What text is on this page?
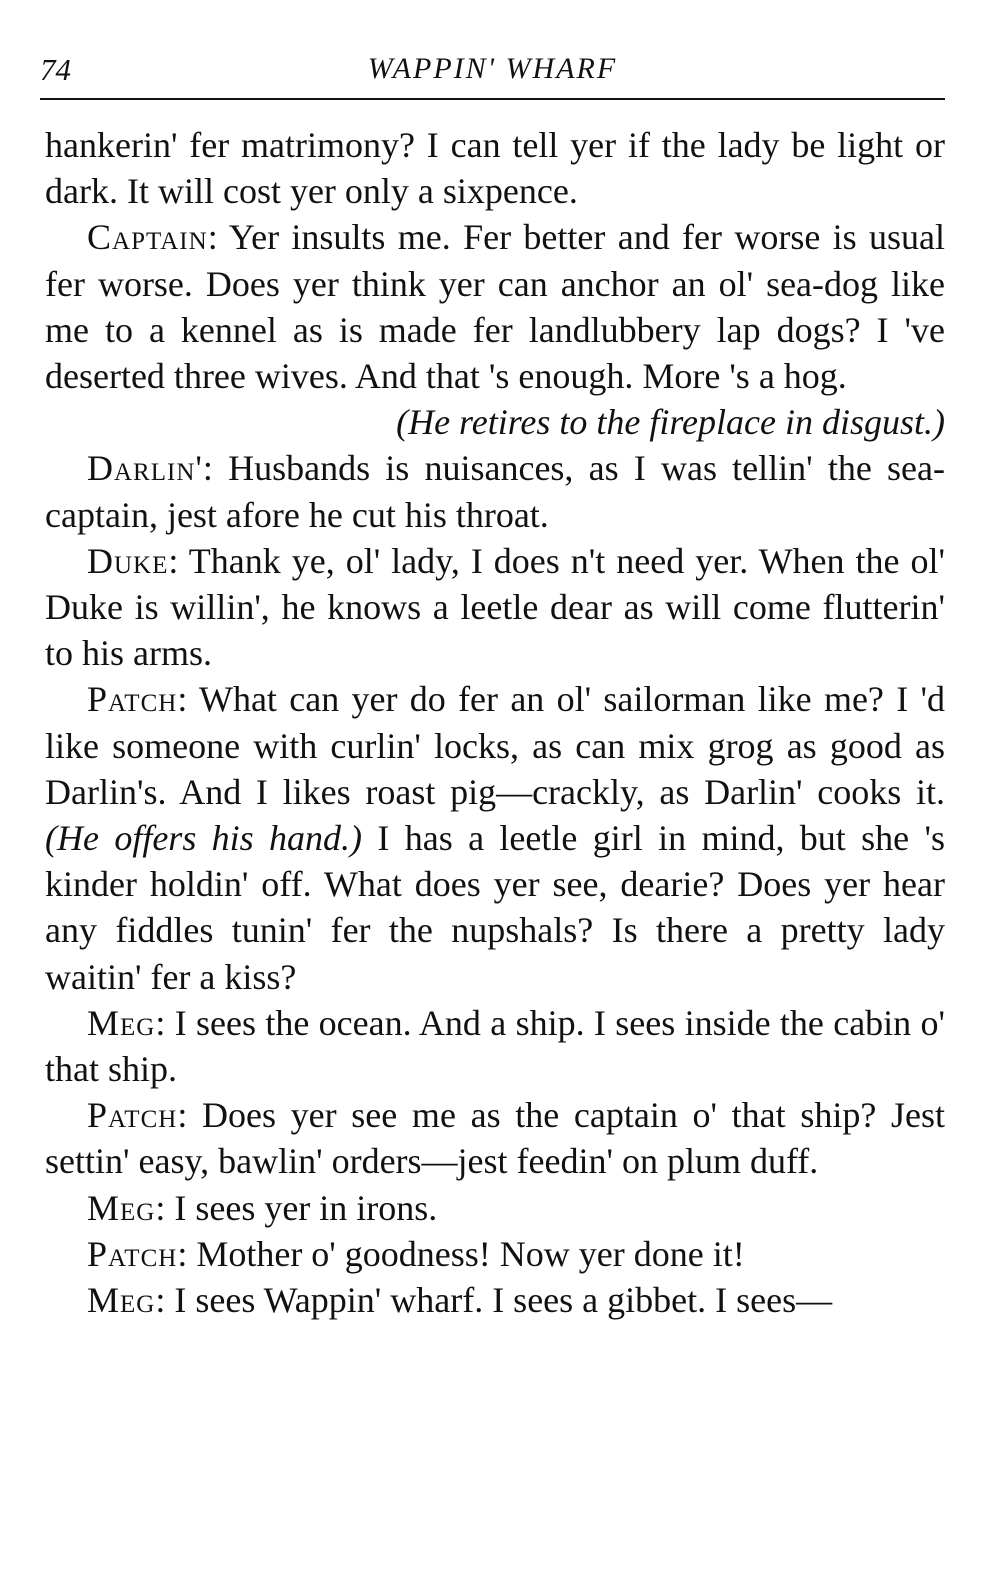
74	WAPPIN' WHARF

hankerin' fer matrimony? I can tell yer if the lady be light or dark. It will cost yer only a sixpence.

Captain: Yer insults me. Fer better and fer worse is usual fer worse. Does yer think yer can anchor an ol' sea-dog like me to a kennel as is made fer landlubbery lap dogs? I 've deserted three wives. And that 's enough. More 's a hog.

(He retires to the fireplace in disgust.)

Darlin': Husbands is nuisances, as I was tellin' the sea-captain, jest afore he cut his throat.

Duke: Thank ye, ol' lady, I does n't need yer. When the ol' Duke is willin', he knows a leetle dear as will come flutterin' to his arms.

Patch: What can yer do fer an ol' sailorman like me? I 'd like someone with curlin' locks, as can mix grog as good as Darlin's. And I likes roast pig—crackly, as Darlin' cooks it. (He offers his hand.) I has a leetle girl in mind, but she 's kinder holdin' off. What does yer see, dearie? Does yer hear any fiddles tunin' fer the nupshals? Is there a pretty lady waitin' fer a kiss?

Meg: I sees the ocean. And a ship. I sees inside the cabin o' that ship.

Patch: Does yer see me as the captain o' that ship? Jest settin' easy, bawlin' orders—jest feedin' on plum duff.

Meg: I sees yer in irons.

Patch: Mother o' goodness! Now yer done it!

Meg: I sees Wappin' wharf. I sees a gibbet. I sees—
